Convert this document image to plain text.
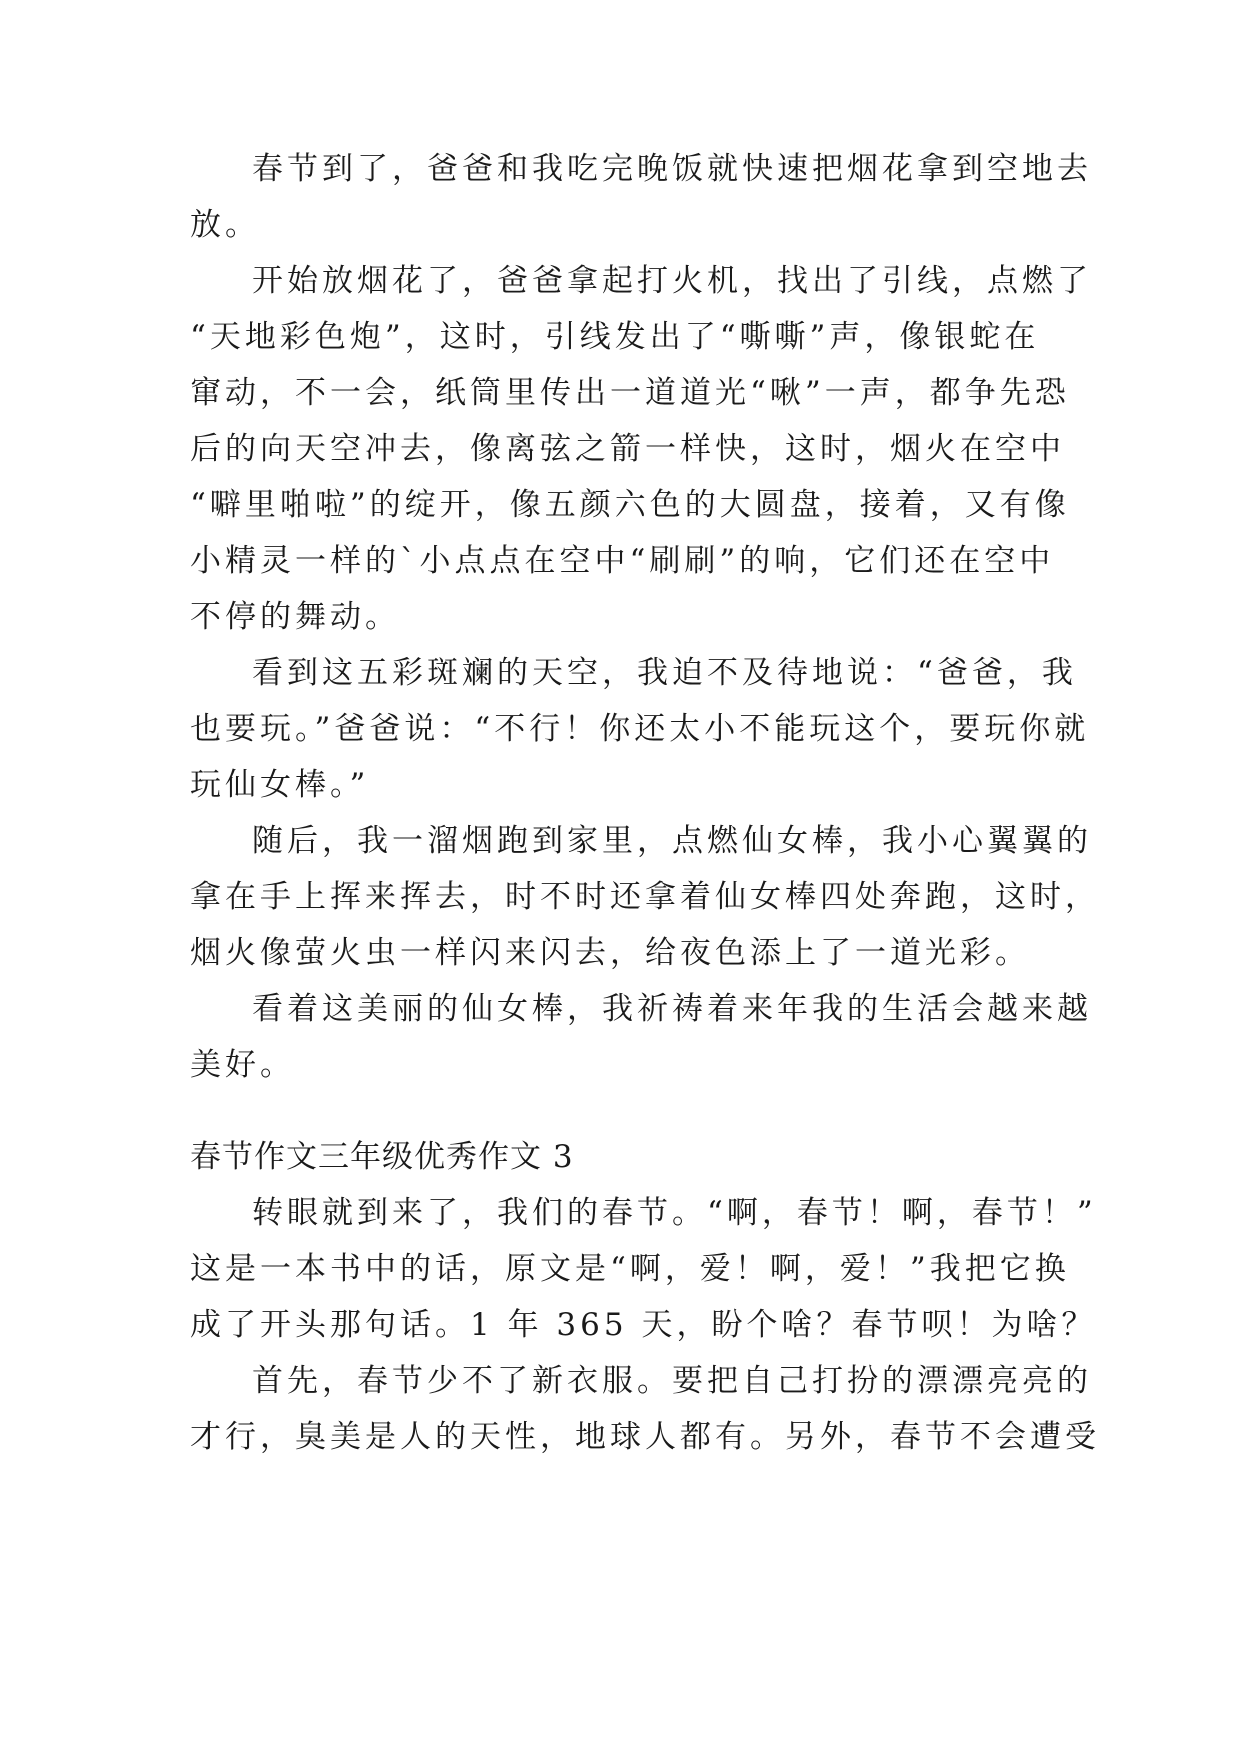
春节到了，爸爸和我吃完晚饭就快速把烟花拿到空地去
放。
开始放烟花了，爸爸拿起打火机，找出了引线，点燃了
“天地彩色炮”，这时，引线发出了“嘶嘶”声，像银蛇在
窜动，不一会，纸筒里传出一道道光“啾”一声，都争先恐
后的向天空冲去，像离弦之箭一样快，这时，烟火在空中
“噼里啪啦”的绽开，像五颜六色的大圆盘，接着，又有像
小精灵一样的`小点点在空中“刷刷”的响，它们还在空中
不停的舞动。
看到这五彩斑斓的天空，我迫不及待地说：“爸爸，我
也要玩。”爸爸说：“不行！你还太小不能玩这个，要玩你就
玩仙女棒。”
随后，我一溜烟跑到家里，点燃仙女棒，我小心翼翼的
拿在手上挥来挥去，时不时还拿着仙女棒四处奔跑，这时，
烟火像萤火虫一样闪来闪去，给夜色添上了一道光彩。
看着这美丽的仙女棒，我祈祷着来年我的生活会越来越
美好。
春节作文三年级优秀作文 3
转眼就到来了，我们的春节。“啊，春节！啊，春节！”
这是一本书中的话，原文是“啊，爱！啊，爱！”我把它换
成了开头那句话。1 年 365 天，盼个啥？春节呗！为啥？
首先，春节少不了新衣服。要把自己打扮的漂漂亮亮的
才行，臭美是人的天性，地球人都有。另外，春节不会遭受
